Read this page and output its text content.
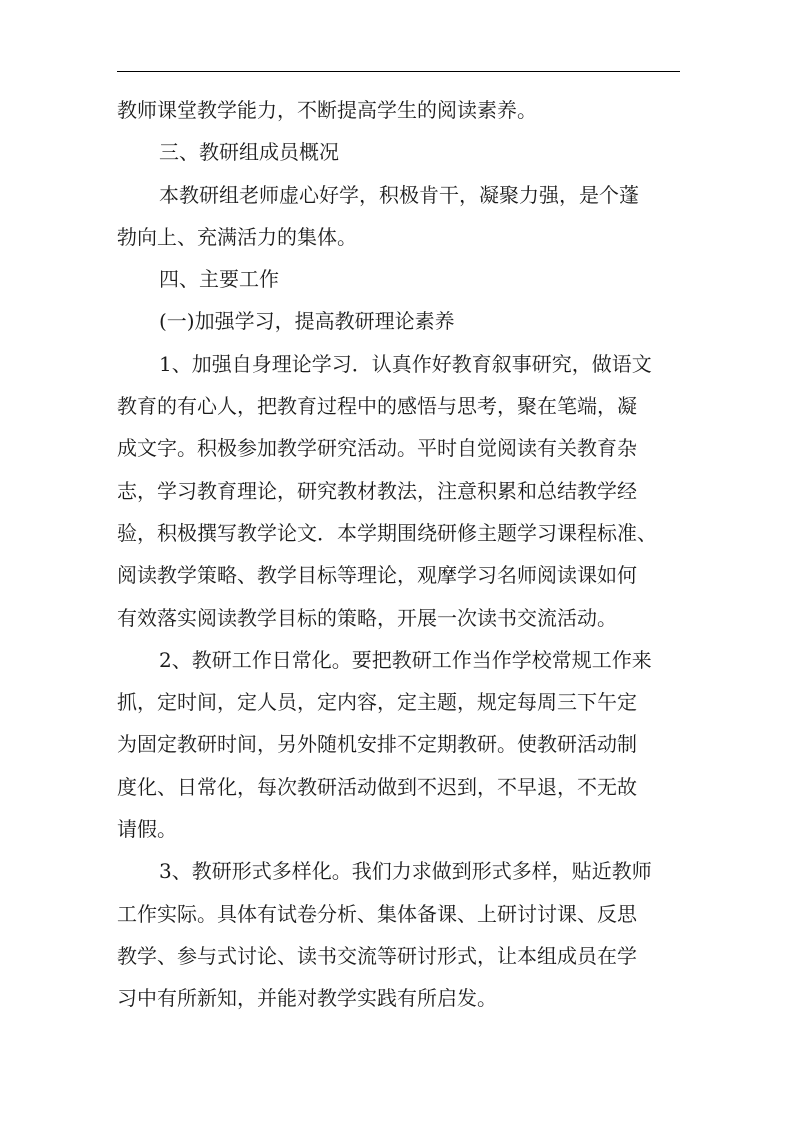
教师课堂教学能力，不断提高学生的阅读素养。
三、教研组成员概况
本教研组老师虚心好学，积极肯干，凝聚力强，是个蓬
勃向上、充满活力的集体。
四、主要工作
(一)加强学习，提高教研理论素养
1、加强自身理论学习．认真作好教育叙事研究，做语文
教育的有心人，把教育过程中的感悟与思考，聚在笔端，凝
成文字。积极参加教学研究活动。平时自觉阅读有关教育杂
志，学习教育理论，研究教材教法，注意积累和总结教学经
验，积极撰写教学论文．本学期围绕研修主题学习课程标准、
阅读教学策略、教学目标等理论，观摩学习名师阅读课如何
有效落实阅读教学目标的策略，开展一次读书交流活动。
2、教研工作日常化。要把教研工作当作学校常规工作来
抓，定时间，定人员，定内容，定主题，规定每周三下午定
为固定教研时间，另外随机安排不定期教研。使教研活动制
度化、日常化，每次教研活动做到不迟到，不早退，不无故
请假。
3、教研形式多样化。我们力求做到形式多样，贴近教师
工作实际。具体有试卷分析、集体备课、上研讨讨课、反思
教学、参与式讨论、读书交流等研讨形式，让本组成员在学
习中有所新知，并能对教学实践有所启发。
